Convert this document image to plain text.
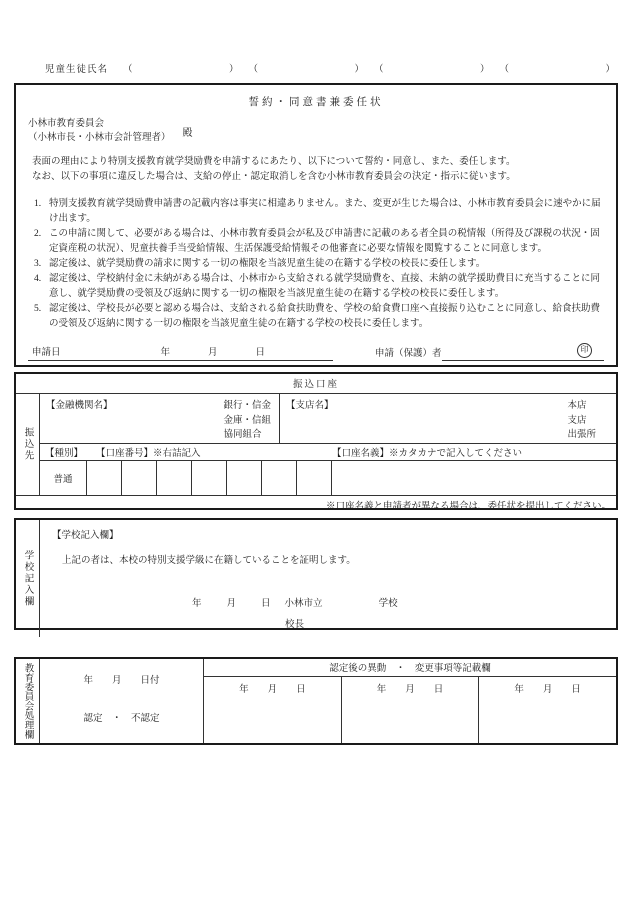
児童生徒氏名 （	） （	） （	） （	）
誓約・同意書兼委任状
小林市教育委員会
（小林市長・小林市会計管理者） 殿
表面の理由により特別支援教育就学奨励費を申請するにあたり、以下について誓約・同意し、また、委任します。
なお、以下の事項に違反した場合は、支給の停止・認定取消しを含む小林市教育委員会の決定・指示に従います。
1. 特別支援教育就学奨励費申請書の記載内容は事実に相違ありません。また、変更が生じた場合は、小林市教育委員会に速やかに届け出ます。
2. この申請に関して、必要がある場合は、小林市教育委員会が私及び申請書に記載のある者全員の税情報（所得及び課税の状況・固定資産税の状況）、児童扶養手当受給情報、生活保護受給情報その他審査に必要な情報を閲覧することに同意します。
3. 認定後は、就学奨励費の請求に関する一切の権限を当該児童生徒の在籍する学校の校長に委任します。
4. 認定後は、学校納付金に未納がある場合は、小林市から支給される就学奨励費を、直接、未納の就学援助費目に充当することに同意し、就学奨励費の受領及び返納に関する一切の権限を当該児童生徒の在籍する学校の校長に委任します。
5. 認定後は、学校長が必要と認める場合は、支給される給食扶助費を、学校の給食費口座へ直接振り込むことに同意し、給食扶助費の受領及び返納に関する一切の権限を当該児童生徒の在籍する学校の校長に委任します。
申請日	年	月	日	申請（保護）者	印
振込口座
振込先
【金融機関名】	銀行・信金
金庫・信組
協同組合
【支店名】	本店
支店
出張所
【種別】	【口座番号】※右詰記入	【口座名義】※カタカナで記入してください
普通
※口座名義と申請者が異なる場合は、委任状を提出してください。
学校記入欄
【学校記入欄】
上記の者は、本校の特別支援学級に在籍していることを証明します。
年	月	日 小林市立	学校
校長
教育委員会処理欄	年　　月　　日付
認定　・　不認定
認定後の異動　・　変更事項等記載欄
年　　月　　日	年　　月　　日	年　　月　　日
